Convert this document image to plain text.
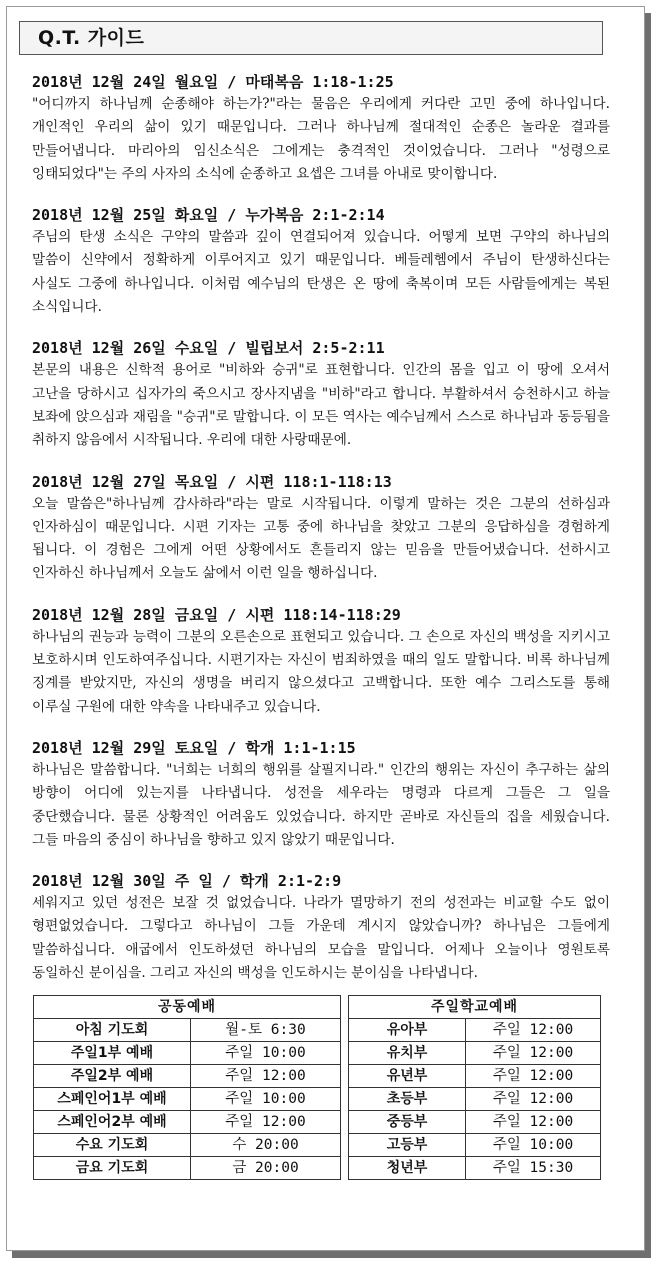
Q.T. 가이드
2018년 12월 24일 월요일 / 마태복음 1:18-1:25

"어디까지 하나님께 순종해야 하는가?"라는 물음은 우리에게 커다란 고민 중에 하나입니다. 개인적인 우리의 삶이 있기 때문입니다. 그러나 하나님께 절대적인 순종은 놀라운 결과를 만들어냅니다. 마리아의 임신소식은 그에게는 충격적인 것이었습니다. 그러나 "성령으로 잉태되었다"는 주의 사자의 소식에 순종하고 요셉은 그녀를 아내로 맞이합니다.

2018년 12월 25일 화요일 / 누가복음 2:1-2:14

주님의 탄생 소식은 구약의 말씀과 깊이 연결되어져 있습니다. 어떻게 보면 구약의 하나님의 말씀이 신약에서 정확하게 이루어지고 있기 때문입니다. 베들레헴에서 주님이 탄생하신다는 사실도 그중에 하나입니다. 이처럼 예수님의 탄생은 온 땅에 축복이며 모든 사람들에게는 복된 소식입니다.

2018년 12월 26일 수요일 / 빌립보서 2:5-2:11

본문의 내용은 신학적 용어로 "비하와 승귀"로 표현합니다. 인간의 몸을 입고 이 땅에 오셔서 고난을 당하시고 십자가의 죽으시고 장사지냄을 "비하"라고 합니다. 부활하셔서 승천하시고 하늘 보좌에 앉으심과 재림을 "승귀"로 말합니다. 이 모든 역사는 예수님께서 스스로 하나님과 동등됨을 취하지 않음에서 시작됩니다. 우리에 대한 사랑때문에.

2018년 12월 27일 목요일 / 시편 118:1-118:13

오늘 말씀은"하나님께 감사하라"라는 말로 시작됩니다. 이렇게 말하는 것은 그분의 선하심과 인자하심이 때문입니다. 시편 기자는 고통 중에 하나님을 찾았고 그분의 응답하심을 경험하게 됩니다. 이 경험은 그에게 어떤 상황에서도 흔들리지 않는 믿음을 만들어냈습니다. 선하시고 인자하신 하나님께서 오늘도 삶에서 이런 일을 행하십니다.

2018년 12월 28일 금요일 / 시편 118:14-118:29

하나님의 권능과 능력이 그분의 오른손으로 표현되고 있습니다. 그 손으로 자신의 백성을 지키시고 보호하시며 인도하여주십니다. 시편기자는 자신이 범죄하였을 때의 일도 말합니다. 비록 하나님께 징계를 받았지만, 자신의 생명을 버리지 않으셨다고 고백합니다. 또한 예수 그리스도를 통해 이루실 구원에 대한 약속을 나타내주고 있습니다.

2018년 12월 29일 토요일 / 학개 1:1-1:15

하나님은 말씀합니다. "너희는 너희의 행위를 살필지니라." 인간의 행위는 자신이 추구하는 삶의 방향이 어디에 있는지를 나타냅니다. 성전을 세우라는 명령과 다르게 그들은 그 일을 중단했습니다. 물론 상황적인 어려움도 있었습니다. 하지만 곧바로 자신들의 집을 세웠습니다. 그들 마음의 중심이 하나님을 향하고 있지 않았기 때문입니다.

2018년 12월 30일 주 일 / 학개 2:1-2:9

세워지고 있던 성전은 보잘 것 없었습니다. 나라가 멸망하기 전의 성전과는 비교할 수도 없이 형편없었습니다. 그렇다고 하나님이 그들 가운데 계시지 않았습니까? 하나님은 그들에게 말씀하십니다. 애굽에서 인도하셨던 하나님의 모습을 말입니다. 어제나 오늘이나 영원토록 동일하신 분이심을. 그리고 자신의 백성을 인도하시는 분이심을 나타냅니다.

공동예배			주일학교예배	
아침 기도회	월-토 6:30		유아부	주일 12:00
주일1부 예배	주일 10:00		유치부	주일 12:00
주일2부 예배	주일 12:00		유년부	주일 12:00
스페인어1부 예배	주일 10:00		초등부	주일 12:00
스페인어2부 예배	주일 12:00		중등부	주일 12:00
수요 기도회	수 20:00		고등부	주일 10:00
금요 기도회	금 20:00		청년부	주일 15:30
